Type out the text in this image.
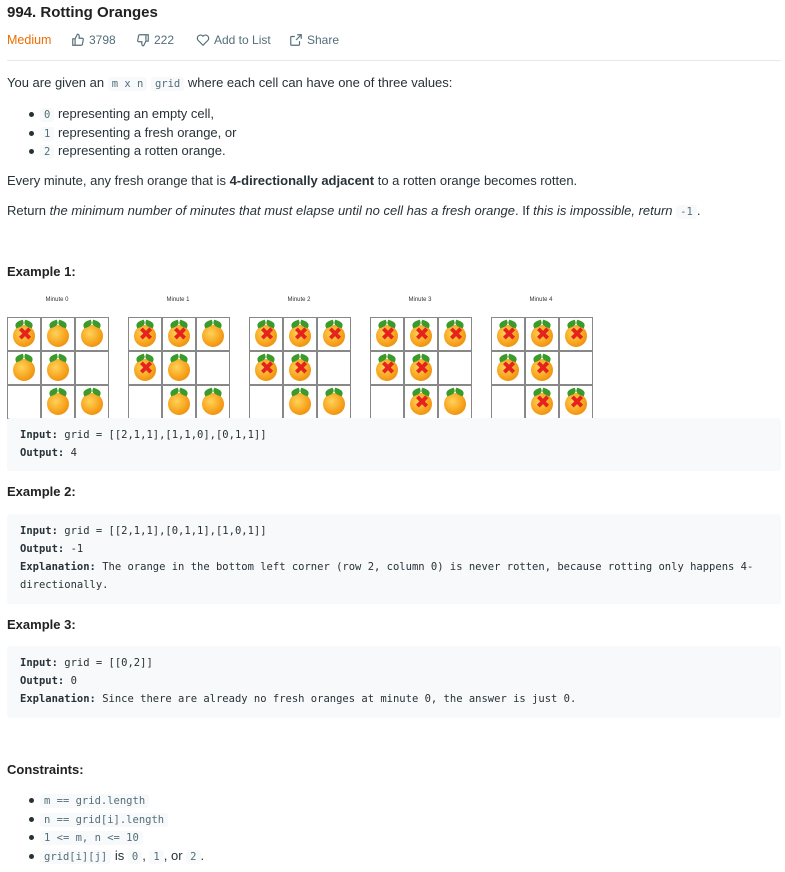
994. Rotting Oranges
Medium	3798	222	Add to List	Share
You are given an m x n grid where each cell can have one of three values:
0 representing an empty cell,
1 representing a fresh orange, or
2 representing a rotten orange.
Every minute, any fresh orange that is 4-directionally adjacent to a rotten orange becomes rotten.
Return the minimum number of minutes that must elapse until no cell has a fresh orange. If this is impossible, return -1 .
Example 1:
Minute 0
✖
Minute 1
✖ ✖
✖
Minute 2
✖ ✖ ✖
✖ ✖
Minute 3
✖ ✖ ✖
✖ ✖
✖
Minute 4
✖ ✖ ✖
✖ ✖
✖ ✖
Input: grid = [[2,1,1],[1,1,0],[0,1,1]]
Output: 4
Example 2:
Input: grid = [[2,1,1],[0,1,1],[1,0,1]]
Output: -1
Explanation: The orange in the bottom left corner (row 2, column 0) is never rotten, because rotting only happens 4-
directionally.
Example 3:
Input: grid = [[0,2]]
Output: 0
Explanation: Since there are already no fresh oranges at minute 0, the answer is just 0.
Constraints:
m == grid.length
n == grid[i].length
1 <= m, n <= 10
grid[i][j] is 0 , 1 , or 2 .
